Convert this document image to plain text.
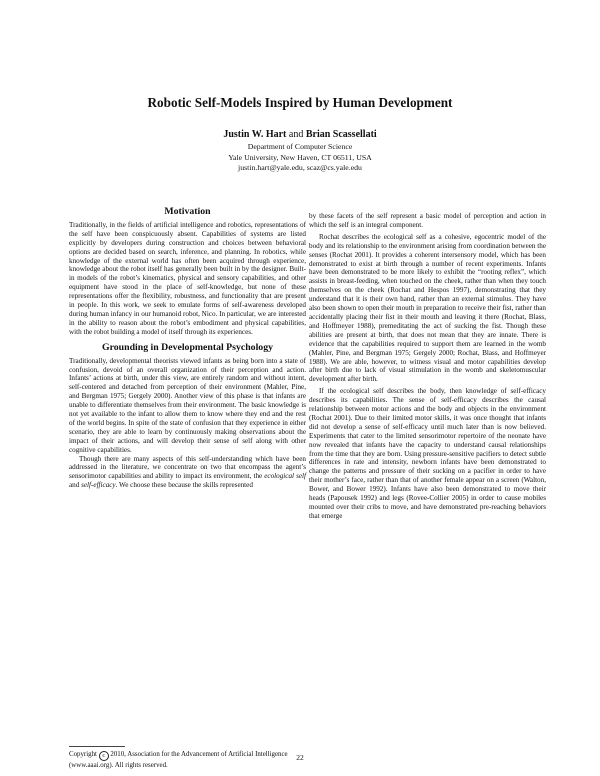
Robotic Self-Models Inspired by Human Development
Justin W. Hart and Brian Scassellati
Department of Computer Science
Yale University, New Haven, CT 06511, USA
justin.hart@yale.edu, scaz@cs.yale.edu
Motivation

Traditionally, in the fields of artificial intelligence and robotics, representations of the self have been conspicuously absent. Capabilities of systems are listed explicitly by developers during construction and choices between behavioral options are decided based on search, inference, and planning. In robotics, while knowledge of the external world has often been acquired through experience, knowledge about the robot itself has generally been built in by the designer. Built-in models of the robot’s kinematics, physical and sensory capabilities, and other equipment have stood in the place of self-knowledge, but none of these representations offer the flexibility, robustness, and functionality that are present in people. In this work, we seek to emulate forms of self-awareness developed during human infancy in our humanoid robot, Nico. In particular, we are interested in the ability to reason about the robot’s embodiment and physical capabilities, with the robot building a model of itself through its experiences.

Grounding in Developmental Psychology

Traditionally, developmental theorists viewed infants as being born into a state of confusion, devoid of an overall organization of their perception and action. Infants’ actions at birth, under this view, are entirely random and without intent, self-centered and detached from perception of their environment (Mahler, Pine, and Bergman 1975; Gergely 2000). Another view of this phase is that infants are unable to differentiate themselves from their environment. The basic knowledge is not yet available to the infant to allow them to know where they end and the rest of the world begins. In spite of the state of confusion that they experience in either scenario, they are able to learn by continuously making observations about the impact of their actions, and will develop their sense of self along with other cognitive capabilities.

Though there are many aspects of this self-understanding which have been addressed in the literature, we concentrate on two that encompass the agent’s sensorimotor capabilities and ability to impact its environment, the ecological self and self-efficacy. We choose these because the skills represented

Copyright c 2010, Association for the Advancement of Artificial Intelligence (www.aaai.org). All rights reserved.

by these facets of the self represent a basic model of perception and action in which the self is an integral component.

Rochat describes the ecological self as a cohesive, egocentric model of the body and its relationship to the environment arising from coordination between the senses (Rochat 2001). It provides a coherent intersensory model, which has been demonstrated to exist at birth through a number of recent experiments. Infants have been demonstrated to be more likely to exhibit the “rooting reflex”, which assists in breast-feeding, when touched on the cheek, rather than when they touch themselves on the cheek (Rochat and Hespos 1997), demonstrating that they understand that it is their own hand, rather than an external stimulus. They have also been shown to open their mouth in preparation to receive their fist, rather than accidentally placing their fist in their mouth and leaving it there (Rochat, Blass, and Hoffmeyer 1988), premeditating the act of sucking the fist. Though these abilities are present at birth, that does not mean that they are innate. There is evidence that the capabilities required to support them are learned in the womb (Mahler, Pine, and Bergman 1975; Gergely 2000; Rochat, Blass, and Hoffmeyer 1988). We are able, however, to witness visual and motor capabilities develop after birth due to lack of visual stimulation in the womb and skeletomuscular development after birth.

If the ecological self describes the body, then knowledge of self-efficacy describes its capabilities. The sense of self-efficacy describes the causal relationship between motor actions and the body and objects in the environment (Rochat 2001). Due to their limited motor skills, it was once thought that infants did not develop a sense of self-efficacy until much later than is now believed. Experiments that cater to the limited sensorimotor repertoire of the neonate have now revealed that infants have the capacity to understand causal relationships from the time that they are born. Using pressure-sensitive pacifiers to detect subtle differences in rate and intensity, newborn infants have been demonstrated to change the patterns and pressure of their sucking on a pacifier in order to have their mother’s face, rather than that of another female appear on a screen (Walton, Bower, and Bower 1992). Infants have also been demonstrated to move their heads (Papousek 1992) and legs (Rovee-Collier 2005) in order to cause mobiles mounted over their cribs to move, and have demonstrated pre-reaching behaviors that emerge

22
